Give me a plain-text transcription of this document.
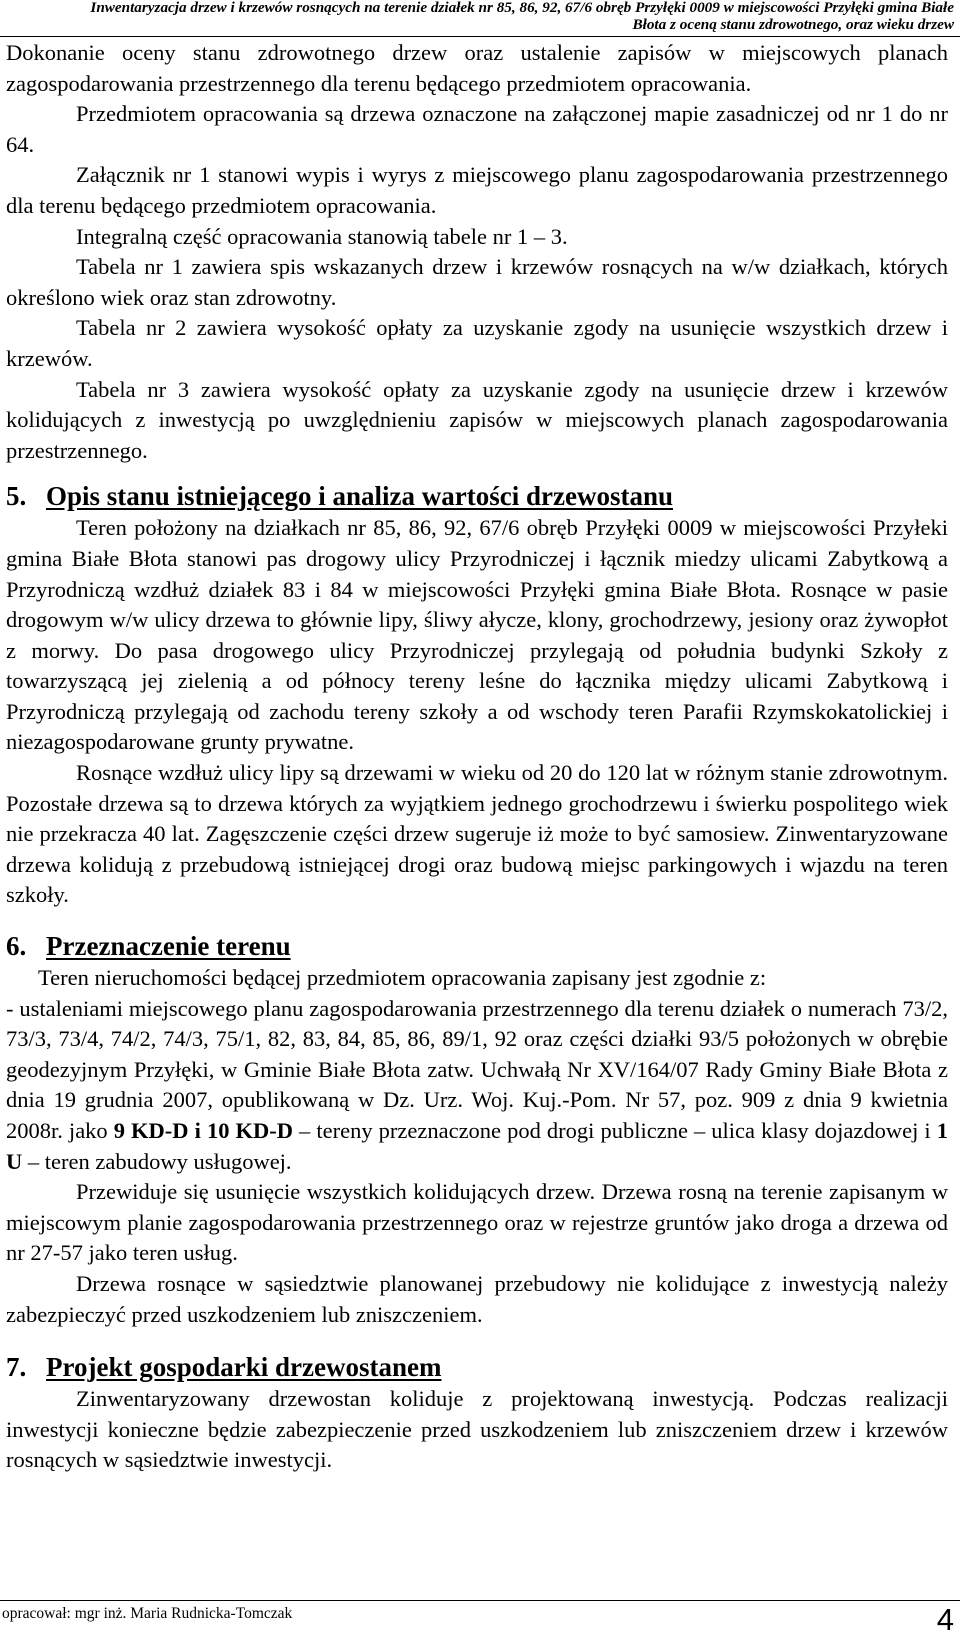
Inwentaryzacja drzew i krzewów rosnących na terenie działek nr 85, 86, 92, 67/6 obręb Przyłęki 0009 w miejscowości Przyłęki gmina Białe
Błota z oceną stanu zdrowotnego, oraz wieku drzew

Dokonanie oceny stanu zdrowotnego drzew oraz ustalenie zapisów w miejscowych planach zagospodarowania przestrzennego dla terenu będącego przedmiotem opracowania.

Przedmiotem opracowania są drzewa oznaczone na załączonej mapie zasadniczej od nr 1 do nr 64.

Załącznik nr 1 stanowi wypis i wyrys z miejscowego planu zagospodarowania przestrzennego dla terenu będącego przedmiotem opracowania.

Integralną część opracowania stanowią tabele nr 1 – 3.

Tabela nr 1 zawiera spis wskazanych drzew i krzewów rosnących na w/w działkach, których określono wiek oraz stan zdrowotny.

Tabela nr 2 zawiera wysokość opłaty za uzyskanie zgody na usunięcie wszystkich drzew i krzewów.

Tabela nr 3 zawiera wysokość opłaty za uzyskanie zgody na usunięcie drzew i krzewów kolidujących z inwestycją po uwzględnieniu zapisów w miejscowych planach zagospodarowania przestrzennego.

5. Opis stanu istniejącego i analiza wartości drzewostanu

Teren położony na działkach nr 85, 86, 92, 67/6 obręb Przyłęki 0009 w miejscowości Przyłeki gmina Białe Błota stanowi pas drogowy ulicy Przyrodniczej i łącznik miedzy ulicami Zabytkową a Przyrodniczą wzdłuż działek 83 i 84 w miejscowości Przyłęki gmina Białe Błota. Rosnące w pasie drogowym w/w ulicy drzewa to głównie lipy, śliwy ałycze, klony, grochodrzewy, jesiony oraz żywopłot z morwy. Do pasa drogowego ulicy Przyrodniczej przylegają od południa budynki Szkoły z towarzyszącą jej zielenią a od północy tereny leśne do łącznika między ulicami Zabytkową i Przyrodniczą przylegają od zachodu tereny szkoły a od wschody teren Parafii Rzymskokatolickiej i niezagospodarowane grunty prywatne.

Rosnące wzdłuż ulicy lipy są drzewami w wieku od 20 do 120 lat w różnym stanie zdrowotnym. Pozostałe drzewa są to drzewa których za wyjątkiem jednego grochodrzewu i świerku pospolitego wiek nie przekracza 40 lat. Zagęszczenie części drzew sugeruje iż może to być samosiew. Zinwentaryzowane drzewa kolidują z przebudową istniejącej drogi oraz budową miejsc parkingowych i wjazdu na teren szkoły.

6. Przeznaczenie terenu

Teren nieruchomości będącej przedmiotem opracowania zapisany jest zgodnie z:

- ustaleniami miejscowego planu zagospodarowania przestrzennego dla terenu działek o numerach 73/2, 73/3, 73/4, 74/2, 74/3, 75/1, 82, 83, 84, 85, 86, 89/1, 92 oraz części działki 93/5 położonych w obrębie geodezyjnym Przyłęki, w Gminie Białe Błota zatw. Uchwałą Nr XV/164/07 Rady Gminy Białe Błota z dnia 19 grudnia 2007, opublikowaną w Dz. Urz. Woj. Kuj.-Pom. Nr 57, poz. 909 z dnia 9 kwietnia 2008r. jako 9 KD-D i 10 KD-D – tereny przeznaczone pod drogi publiczne – ulica klasy dojazdowej i 1 U – teren zabudowy usługowej.

Przewiduje się usunięcie wszystkich kolidujących drzew. Drzewa rosną na terenie zapisanym w miejscowym planie zagospodarowania przestrzennego oraz w rejestrze gruntów jako droga a drzewa od nr 27-57 jako teren usług.

Drzewa rosnące w sąsiedztwie planowanej przebudowy nie kolidujące z inwestycją należy zabezpieczyć przed uszkodzeniem lub zniszczeniem.

7. Projekt gospodarki drzewostanem

Zinwentaryzowany drzewostan koliduje z projektowaną inwestycją. Podczas realizacji inwestycji konieczne będzie zabezpieczenie przed uszkodzeniem lub zniszczeniem drzew i krzewów rosnących w sąsiedztwie inwestycji.

opracował: mgr inż. Maria Rudnicka-Tomczak	4
